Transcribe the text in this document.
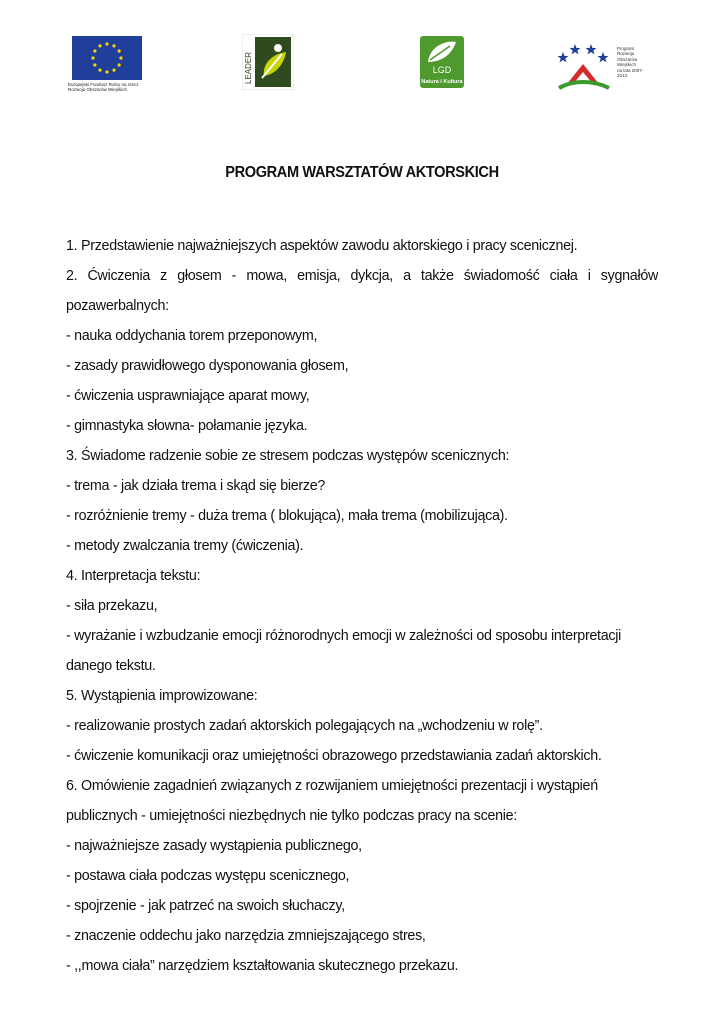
Europejski Fundusz Rolny na rzecz
Rozwoju Obszarów Wiejskich
LEADER	LGD
Natura i Kultura
Program
Rozwoju
Obszarów
Wiejskich
na lata 2007-2013
PROGRAM WARSZTATÓW AKTORSKICH
1. Przedstawienie najważniejszych aspektów zawodu aktorskiego i pracy scenicznej.
2. Ćwiczenia z głosem - mowa, emisja, dykcja, a także świadomość ciała i sygnałów
pozawerbalnych:
- nauka oddychania torem przeponowym,
- zasady prawidłowego dysponowania głosem,
- ćwiczenia usprawniające aparat mowy,
- gimnastyka słowna- połamanie języka.
3. Świadome radzenie sobie ze stresem podczas występów scenicznych:
- trema - jak działa trema i skąd się bierze?
- rozróżnienie tremy - duża trema ( blokująca), mała trema (mobilizująca).
- metody zwalczania tremy (ćwiczenia).
4. Interpretacja tekstu:
- siła przekazu,
- wyrażanie i wzbudzanie emocji różnorodnych emocji w zależności od sposobu interpretacji
danego tekstu.
5. Wystąpienia improwizowane:
- realizowanie prostych zadań aktorskich polegających na „wchodzeniu w rolę”.
- ćwiczenie komunikacji oraz umiejętności obrazowego przedstawiania zadań aktorskich.
6. Omówienie zagadnień związanych z rozwijaniem umiejętności prezentacji i wystąpień
publicznych - umiejętności niezbędnych nie tylko podczas pracy na scenie:
- najważniejsze zasady wystąpienia publicznego,
- postawa ciała podczas występu scenicznego,
- spojrzenie - jak patrzeć na swoich słuchaczy,
- znaczenie oddechu jako narzędzia zmniejszającego stres,
- ,,mowa ciała” narzędziem kształtowania skutecznego przekazu.
